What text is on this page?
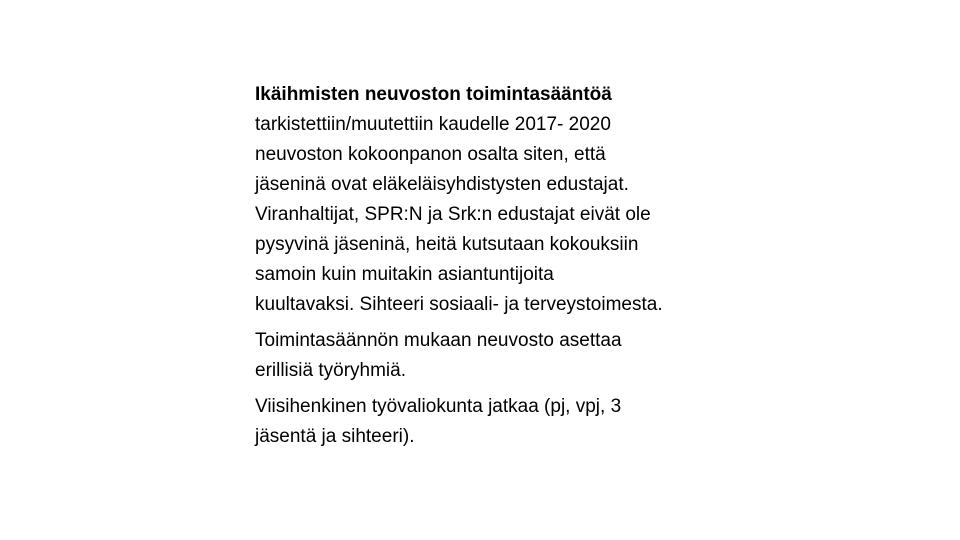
Ikäihmisten neuvoston toimintasääntöä
tarkistettiin/muutettiin kaudelle 2017- 2020
neuvoston kokoonpanon osalta siten, että
jäseninä ovat eläkeläisyhdistysten edustajat.
Viranhaltijat, SPR:N ja Srk:n edustajat eivät ole
pysyvinä jäseninä, heitä kutsutaan kokouksiin
samoin kuin muitakin asiantuntijoita
kuultavaksi. Sihteeri sosiaali- ja terveystoimesta.
Toimintasäännön mukaan neuvosto asettaa
erillisiä työryhmiä.
Viisihenkinen työvaliokunta jatkaa (pj, vpj, 3
jäsentä ja sihteeri).
